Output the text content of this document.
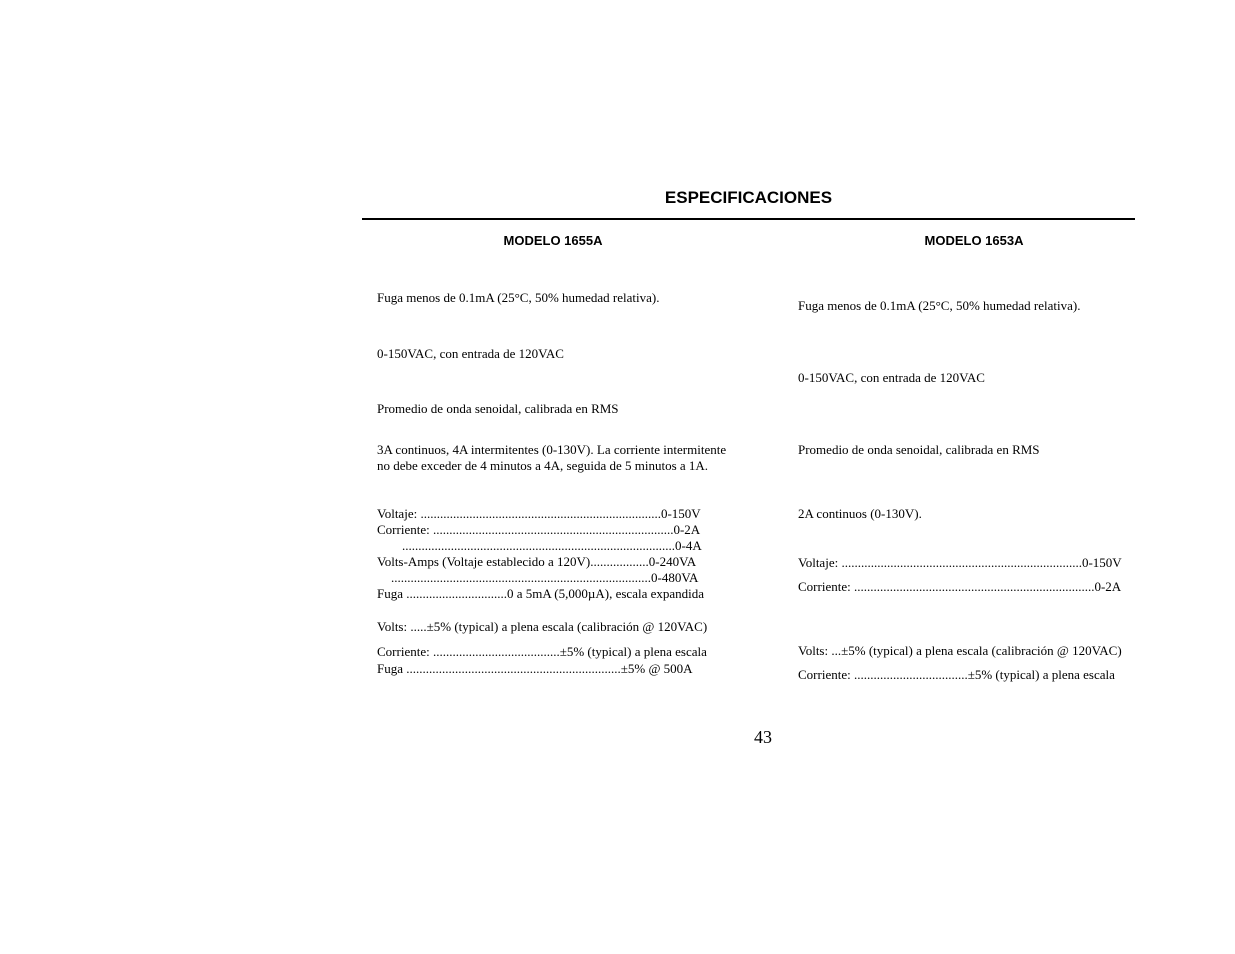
ESPECIFICACIONES
MODELO 1655A

Fuga menos de 0.1mA (25°C, 50% humedad relativa).

0-150VAC, con entrada de 120VAC

Promedio de onda senoidal, calibrada en RMS

3A continuos, 4A intermitentes (0-130V). La corriente intermitente no debe exceder de 4 minutos a 4A, seguida de 5 minutos a 1A.

Voltaje: ..........................................................................0-150V
Corriente: ..........................................................................0-2A
....................................................................................0-4A
Volts-Amps (Voltaje establecido a 120V)..................0-240VA
................................................................................0-480VA
Fuga ...............................0 a 5mA (5,000µA), escala expandida

Volts: .....±5% (typical) a plena escala (calibración @ 120VAC)

Corriente: .......................................±5% (typical) a plena escala

Fuga ..................................................................±5% @ 500A

MODELO 1653A

Fuga menos de 0.1mA (25°C, 50% humedad relativa).

0-150VAC, con entrada de 120VAC

Promedio de onda senoidal, calibrada en RMS

2A continuos (0-130V).

Voltaje: ..........................................................................0-150V

Corriente: ..........................................................................0-2A

Volts: ...±5% (typical) a plena escala (calibración @ 120VAC)

Corriente: ...................................±5% (typical) a plena escala

43
